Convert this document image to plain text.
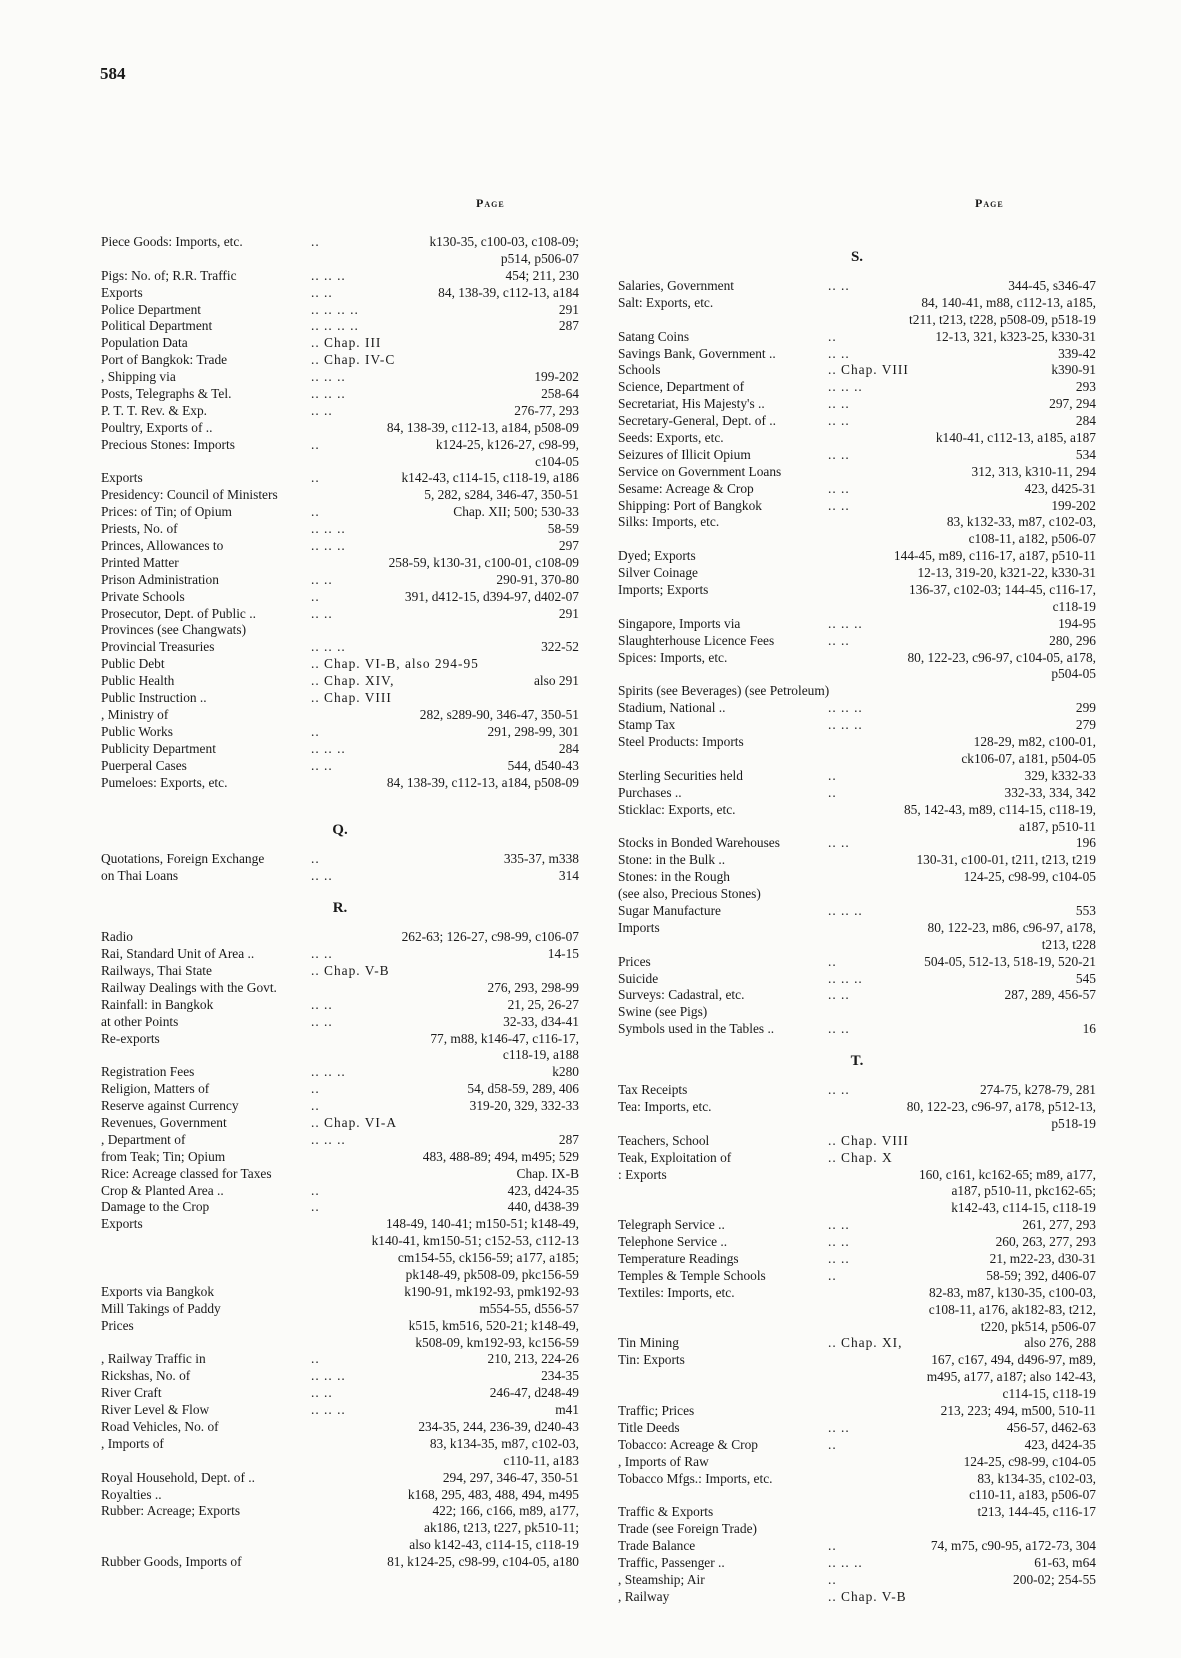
584
Page	Page
Piece Goods: Imports, etc.	..	k130-35, c100-03, c108-09;
p514, p506-07
Pigs: No. of; R.R. Traffic	.. .. ..	454; 211, 230
Exports	.. ..	84, 138-39, c112-13, a184
Police Department	.. .. .. ..	291
Political Department	.. .. .. ..	287
Population Data	.. Chap. III
Port of Bangkok: Trade	.. Chap. IV-C
, Shipping via	.. .. ..	199-202
Posts, Telegraphs & Tel.	.. .. ..	258-64
P. T. T. Rev. & Exp.	.. ..	276-77, 293
Poultry, Exports of ..	84, 138-39, c112-13, a184, p508-09
Precious Stones: Imports	..	k124-25, k126-27, c98-99,
c104-05
Exports	..	k142-43, c114-15, c118-19, a186
Presidency: Council of Ministers	5, 282, s284, 346-47, 350-51
Prices: of Tin; of Opium	..	Chap. XII; 500; 530-33
Priests, No. of	.. .. ..	58-59
Princes, Allowances to	.. .. ..	297
Printed Matter	258-59, k130-31, c100-01, c108-09
Prison Administration	.. ..	290-91, 370-80
Private Schools	..	391, d412-15, d394-97, d402-07
Prosecutor, Dept. of Public ..	.. ..	291
Provinces (see Changwats)
Provincial Treasuries	.. .. ..	322-52
Public Debt	.. Chap. VI-B, also 294-95
Public Health	.. Chap. XIV,	also 291
Public Instruction ..	.. Chap. VIII
, Ministry of	282, s289-90, 346-47, 350-51
Public Works	..	291, 298-99, 301
Publicity Department	.. .. ..	284
Puerperal Cases	.. ..	544, d540-43
Pumeloes: Exports, etc.	84, 138-39, c112-13, a184, p508-09
Q.
Quotations, Foreign Exchange	..	335-37, m338
on Thai Loans	.. ..	314
R.
Radio	262-63; 126-27, c98-99, c106-07
Rai, Standard Unit of Area ..	.. ..	14-15
Railways, Thai State	.. Chap. V-B
Railway Dealings with the Govt.	276, 293, 298-99
Rainfall: in Bangkok	.. ..	21, 25, 26-27
at other Points	.. ..	32-33, d34-41
Re-exports	77, m88, k146-47, c116-17,
c118-19, a188
Registration Fees	.. .. ..	k280
Religion, Matters of	..	54, d58-59, 289, 406
Reserve against Currency	..	319-20, 329, 332-33
Revenues, Government	.. Chap. VI-A
, Department of	.. .. ..	287
from Teak; Tin; Opium	483, 488-89; 494, m495; 529
Rice: Acreage classed for Taxes	Chap. IX-B
Crop & Planted Area ..	..	423, d424-35
Damage to the Crop	..	440, d438-39
Exports	148-49, 140-41; m150-51; k148-49,
k140-41, km150-51; c152-53, c112-13
cm154-55, ck156-59; a177, a185;
pk148-49, pk508-09, pkc156-59
Exports via Bangkok	k190-91, mk192-93, pmk192-93
Mill Takings of Paddy	m554-55, d556-57
Prices	k515, km516, 520-21; k148-49,
k508-09, km192-93, kc156-59
, Railway Traffic in	..	210, 213, 224-26
Rickshas, No. of	.. .. ..	234-35
River Craft	.. ..	246-47, d248-49
River Level & Flow	.. .. ..	m41
Road Vehicles, No. of	234-35, 244, 236-39, d240-43
, Imports of	83, k134-35, m87, c102-03,
c110-11, a183
Royal Household, Dept. of ..	294, 297, 346-47, 350-51
Royalties ..	k168, 295, 483, 488, 494, m495
Rubber: Acreage; Exports	422; 166, c166, m89, a177,
ak186, t213, t227, pk510-11;
also k142-43, c114-15, c118-19
Rubber Goods, Imports of	81, k124-25, c98-99, c104-05, a180
S.
Salaries, Government	.. ..	344-45, s346-47
Salt: Exports, etc.	84, 140-41, m88, c112-13, a185,
t211, t213, t228, p508-09, p518-19
Satang Coins	..	12-13, 321, k323-25, k330-31
Savings Bank, Government ..	.. ..	339-42
Schools	.. Chap. VIII	k390-91
Science, Department of	.. .. ..	293
Secretariat, His Majesty's ..	.. ..	297, 294
Secretary-General, Dept. of ..	.. ..	284
Seeds: Exports, etc.	k140-41, c112-13, a185, a187
Seizures of Illicit Opium	.. ..	534
Service on Government Loans	312, 313, k310-11, 294
Sesame: Acreage & Crop	.. ..	423, d425-31
Shipping: Port of Bangkok	.. ..	199-202
Silks: Imports, etc.	83, k132-33, m87, c102-03,
c108-11, a182, p506-07
Dyed; Exports	144-45, m89, c116-17, a187, p510-11
Silver Coinage	12-13, 319-20, k321-22, k330-31
Imports; Exports	136-37, c102-03; 144-45, c116-17,
c118-19
Singapore, Imports via	.. .. ..	194-95
Slaughterhouse Licence Fees	.. ..	280, 296
Spices: Imports, etc.	80, 122-23, c96-97, c104-05, a178,
p504-05
Spirits (see Beverages) (see Petroleum)
Stadium, National ..	.. .. ..	299
Stamp Tax	.. .. ..	279
Steel Products: Imports	128-29, m82, c100-01,
ck106-07, a181, p504-05
Sterling Securities held	..	329, k332-33
Purchases ..	..	332-33, 334, 342
Sticklac: Exports, etc.	85, 142-43, m89, c114-15, c118-19,
a187, p510-11
Stocks in Bonded Warehouses	.. ..	196
Stone: in the Bulk ..	130-31, c100-01, t211, t213, t219
Stones: in the Rough	124-25, c98-99, c104-05
(see also, Precious Stones)
Sugar Manufacture	.. .. ..	553
Imports	80, 122-23, m86, c96-97, a178,
t213, t228
Prices	..	504-05, 512-13, 518-19, 520-21
Suicide	.. .. ..	545
Surveys: Cadastral, etc.	.. ..	287, 289, 456-57
Swine (see Pigs)
Symbols used in the Tables ..	.. ..	16
T.
Tax Receipts	.. ..	274-75, k278-79, 281
Tea: Imports, etc.	80, 122-23, c96-97, a178, p512-13,
p518-19
Teachers, School	.. Chap. VIII
Teak, Exploitation of	.. Chap. X
: Exports	160, c161, kc162-65; m89, a177,
a187, p510-11, pkc162-65;
k142-43, c114-15, c118-19
Telegraph Service ..	.. ..	261, 277, 293
Telephone Service ..	.. ..	260, 263, 277, 293
Temperature Readings	.. ..	21, m22-23, d30-31
Temples & Temple Schools	..	58-59; 392, d406-07
Textiles: Imports, etc.	82-83, m87, k130-35, c100-03,
c108-11, a176, ak182-83, t212,
t220, pk514, p506-07
Tin Mining	.. Chap. XI,	also 276, 288
Tin: Exports	167, c167, 494, d496-97, m89,
m495, a177, a187; also 142-43,
c114-15, c118-19
Traffic; Prices	213, 223; 494, m500, 510-11
Title Deeds	.. ..	456-57, d462-63
Tobacco: Acreage & Crop	..	423, d424-35
, Imports of Raw	124-25, c98-99, c104-05
Tobacco Mfgs.: Imports, etc.	83, k134-35, c102-03,
c110-11, a183, p506-07
Traffic & Exports	t213, 144-45, c116-17
Trade (see Foreign Trade)
Trade Balance	..	74, m75, c90-95, a172-73, 304
Traffic, Passenger ..	.. .. ..	61-63, m64
, Steamship; Air	..	200-02; 254-55
, Railway	.. Chap. V-B
